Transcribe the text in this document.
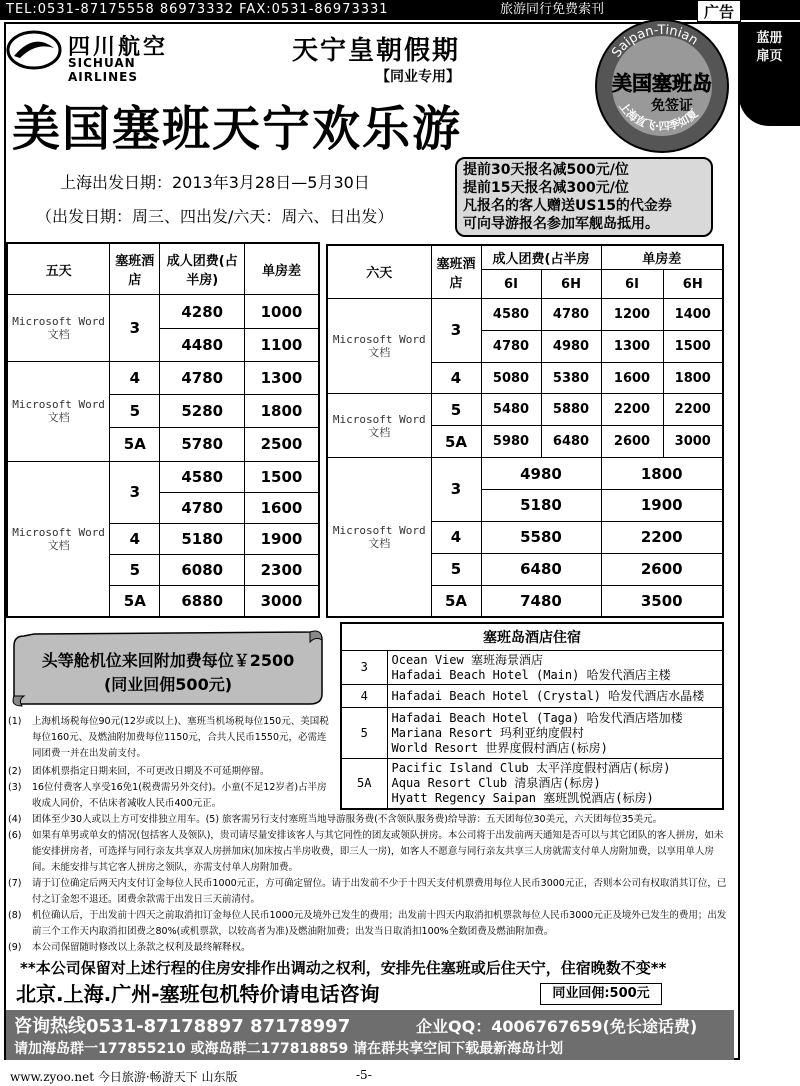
TEL:0531-87175558 86973332 FAX:0531-86973331	旅游同行免费索刊	广告
蓝册扉页
四川航空
SICHUAN AIRLINES
天宁皇朝假期
【同业专用】
美国塞班天宁欢乐游
Saipan-Tinian
美国塞班岛
免签证
上海直飞·四季如夏
上海出发日期：2013年3月28日—5月30日
（出发日期：周三、四出发/六天：周六、日出发）
提前30天报名减500元/位
提前15天报名减300元/位
凡报名的客人赠送US15的代金券
可向导游报名参加军舰岛抵用。
五天	塞班酒店	成人团费(占半房)	单房差
Microsoft Word 文档	3	4280	1000
		4480	1100
Microsoft Word 文档	4	4780	1300
	5	5280	1800
	5A	5780	2500
Microsoft Word 文档	3	4580	1500
		4780	1600
	4	5180	1900
	5	6080	2300
	5A	6880	3000
六天	塞班酒店	成人团费(占半房		单房差	
		6I	6H	6I	6H
Microsoft Word 文档	3	4580	4780	1200	1400
		4780	4980	1300	1500
	4	5080	5380	1600	1800
Microsoft Word 文档	5	5480	5880	2200	2200
	5A	5980	6480	2600	3000
Microsoft Word 文档	3	4980		1800	
		5180		1900	
	4	5580		2200	
	5	6480		2600	
	5A	7480		3500	
头等舱机位来回附加费每位￥2500
(同业回佣500元)
塞班岛酒店住宿	
3	Ocean View 塞班海景酒店
Hafadai Beach Hotel (Main) 哈发代酒店主楼

4	Hafadai Beach Hotel (Crystal) 哈发代酒店水晶楼

5	Hafadai Beach Hotel (Taga) 哈发代酒店塔加楼
Mariana Resort 玛利亚纳度假村
World Resort 世界度假村酒店(标房)

5A	Pacific Island Club 太平洋度假村酒店(标房)
Aqua Resort Club 清泉酒店(标房)
Hyatt Regency Saipan 塞班凯悦酒店(标房)
(1)	上海机场税每位90元(12岁或以上)、塞班当机场税每位150元、美国税每位160元、及燃油附加费每位1150元，合共人民币1550元，必需连同团费一并在出发前支付。
(2)	团体机票指定日期来回，不可更改日期及不可延期停留。
(3)	16位付费客人享受16免1(税费需另外交付)。小童(不足12岁者)占半房收成人同价，不估床者减收人民币400元正。
(4)	团体至少30人或以上方可安排独立用车。(5) 旅客需另行支付塞班当地导游服务费(不含领队服务费)给导游：五天团每位30美元，六天团每位35美元。
(6)	如果有单男或单女的情况(包括客人及领队)，贵司请尽量安排该客人与其它同性的团友或领队拼房。本公司将于出发前两天通知是否可以与其它团队的客人拼房，如未能安排拼房者，可选择与同行亲友共享双人房拼加床(加床按占半房收费，即三人一房)，如客人不愿意与同行亲友共享三人房就需支付单人房附加费，以享用单人房间。未能安排与其它客人拼房之领队，亦需支付单人房附加费。
(7)	请于订位确定后两天内支付订金每位人民币1000元正，方可确定留位。请于出发前不少于十四天支付机票费用每位人民币3000元正，否则本公司有权取消其订位，已付之订金恕不退还。团费余款需于出发日三天前清付。
(8)	机位确认后，于出发前十四天之前取消扣订金每位人民币1000元及境外已发生的费用；出发前十四天内取消扣机票款每位人民币3000元正及境外已发生的费用；出发前三个工作天内取消扣团费之80%(或机票款，以较高者为准)及燃油附加费；出发当日取消扣100%全数团费及燃油附加费。
(9)	本公司保留随时修改以上条款之权利及最终解释权。
**本公司保留对上述行程的住房安排作出调动之权利，安排先住塞班或后住天宁，住宿晚数不变**
北京.上海.广州-塞班包机特价请电话咨询	同业回佣:500元
咨询热线0531-87178897 87178997	企业QQ：4006767659(免长途话费)
请加海岛群一177855210 或海岛群二177818859 请在群共享空间下载最新海岛计划
www.zyoo.net 今日旅游·畅游天下 山东版	-5-
